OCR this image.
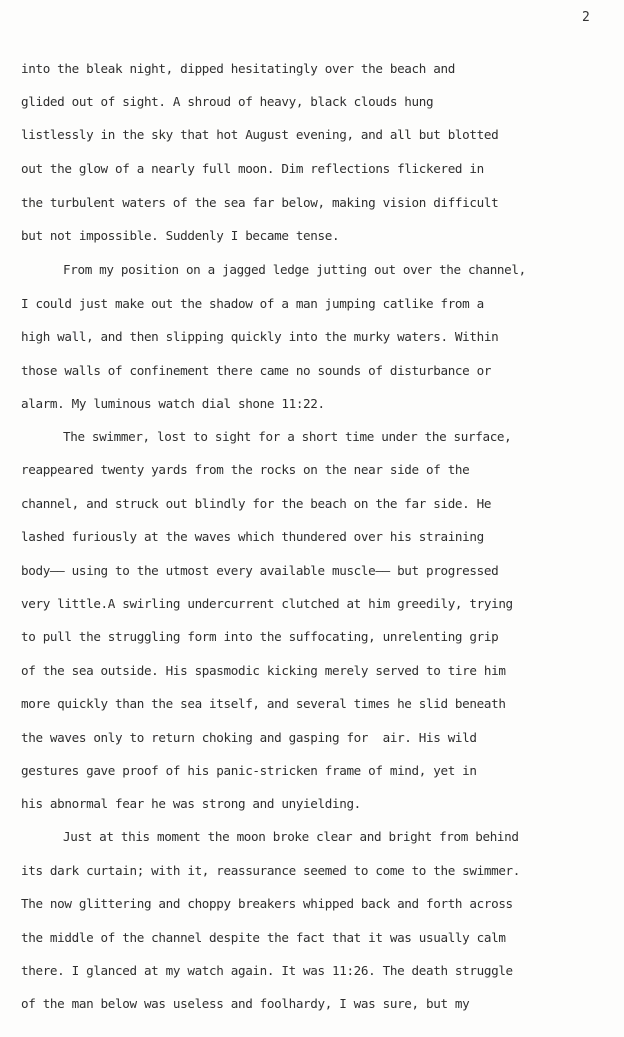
2
into the bleak night, dipped hesitatingly over the beach and
glided out of sight. A shroud of heavy, black clouds hung
listlessly in the sky that hot August evening, and all but blotted
out the glow of a nearly full moon. Dim reflections flickered in
the turbulent waters of the sea far below, making vision difficult
but not impossible. Suddenly I became tense.
From my position on a jagged ledge jutting out over the channel,
I could just make out the shadow of a man jumping catlike from a
high wall, and then slipping quickly into the murky waters. Within
those walls of confinement there came no sounds of disturbance or
alarm. My luminous watch dial shone 11:22.
The swimmer, lost to sight for a short time under the surface,
reappeared twenty yards from the rocks on the near side of the
channel, and struck out blindly for the beach on the far side. He
lashed furiously at the waves which thundered over his straining
body—— using to the utmost every available muscle—— but progressed
very little.A swirling undercurrent clutched at him greedily, trying
to pull the struggling form into the suffocating, unrelenting grip
of the sea outside. His spasmodic kicking merely served to tire him
more quickly than the sea itself, and several times he slid beneath
the waves only to return choking and gasping for  air. His wild
gestures gave proof of his panic-stricken frame of mind, yet in
his abnormal fear he was strong and unyielding.
Just at this moment the moon broke clear and bright from behind
its dark curtain; with it, reassurance seemed to come to the swimmer.
The now glittering and choppy breakers whipped back and forth across
the middle of the channel despite the fact that it was usually calm
there. I glanced at my watch again. It was 11:26. The death struggle
of the man below was useless and foolhardy, I was sure, but my
